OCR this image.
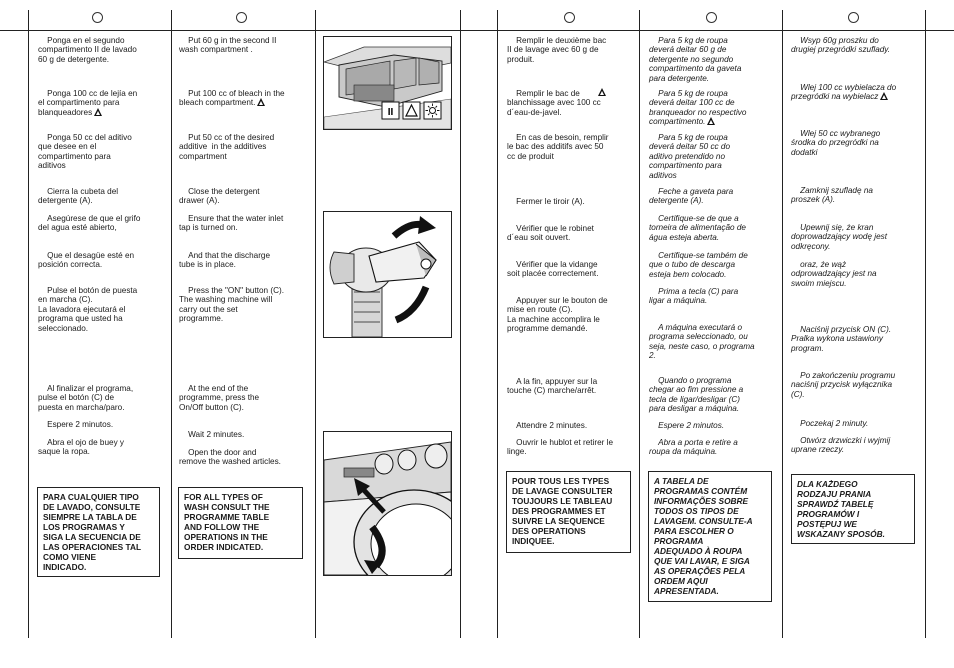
Ponga en el segundo
compartimento II de lavado
60 g de detergente.

Ponga 100 cc de lejía en
el compartimento para
blanqueadores

Ponga 50 cc del aditivo
que desee en el
compartimento para
aditivos

Cierra la cubeta del
detergente (A).

Asegúrese de que el grifo
del agua esté abierto,

Que el desagüe esté en
posición correcta.

Pulse el botón de puesta
en marcha (C).
La lavadora ejecutará el
programa que usted ha
seleccionado.

Al finalizar el programa,
pulse el botón (C) de
puesta en marcha/paro.

Espere 2 minutos.

Abra el ojo de buey y
saque la ropa.

PARA CUALQUIER TIPO
DE LAVADO, CONSULTE
SIEMPRE LA TABLA DE
LOS PROGRAMAS Y
SIGA LA SECUENCIA DE
LAS OPERACIONES TAL
COMO VIENE
INDICADO.

Put 60 g in the second II
wash compartment .

Put 100 cc of bleach in the
bleach compartment.

Put 50 cc of the desired
additive  in the additives
compartment

Close the detergent
drawer (A).

Ensure that the water inlet
tap is turned on.

And that the discharge
tube is in place.

Press the "ON" button (C).
The washing machine will
carry out the set
programme.

At the end of the
programme, press the
On/Off button (C).

Wait 2 minutes.

Open the door and
remove the washed articles.

FOR ALL TYPES OF
WASH CONSULT THE
PROGRAMME TABLE
AND FOLLOW THE
OPERATIONS IN THE
ORDER INDICATED.
II

Remplir le deuxième bac
II de lavage avec 60 g de
produit.

Remplir le bac de
blanchissage avec 100 cc
d´eau-de-javel.

En cas de besoin, remplir
le bac des additifs avec 50
cc de produit

Fermer le tiroir (A).

Vérifier que le robinet
d´eau soit ouvert.

Vérifier que la vidange
soit placée correctement.

Appuyer sur le bouton de
mise en route (C).
La machine accomplira le
programme demandé.

A la fin, appuyer sur la
touche (C) marche/arrêt.

Attendre 2 minutes.

Ouvrir le hublot et retirer le
linge.

POUR TOUS LES TYPES
DE LAVAGE CONSULTER
TOUJOURS LE TABLEAU
DES PROGRAMMES ET
SUIVRE LA SEQUENCE
DES OPERATIONS
INDIQUEE.

Para 5 kg de roupa
deverá deitar 60 g de
detergente no segundo
compartimento da gaveta
para detergente.

Para 5 kg de roupa
deverá deitar 100 cc de
branqueador no respectivo
compartimento.

Para 5 kg de roupa
deverá deitar 50 cc do
aditivo pretendido no
compartimento para
aditivos

Feche a gaveta para
detergente (A).

Certifique-se de que a
torneira de alimentação de
água esteja aberta.

Certifique-se também de
que o tubo de descarga
esteja bem colocado.

Prima a tecla (C) para
ligar a máquina.

A máquina executará o
programa seleccionado, ou
seja, neste caso, o programa
2.

Quando o programa
chegar ao fim pressione a
tecla de ligar/desligar (C)
para desligar a máquina.

Espere 2 minutos.

Abra a porta e retire a
roupa da máquina.

A TABELA DE
PROGRAMAS CONTÉM
INFORMAÇÕES SOBRE
TODOS OS TIPOS DE
LAVAGEM. CONSULTE-A
PARA ESCOLHER O
PROGRAMA
ADEQUADO À ROUPA
QUE VAI LAVAR, E SIGA
AS OPERAÇÕES PELA
ORDEM AQUI
APRESENTADA.

Wsyp 60g proszku do
drugiej przegródki szuflady.

Wlej 100 cc wybielacza do
przegródki na wybielacz

Wlej 50 cc wybranego
środka do przegródki na
dodatki

Zamknij szufladę na
proszek (A).

Upewnij się, że kran
doprowadzający wodę jest
odkręcony.

oraz, że wąż
odprowadzający jest na
swoim miejscu.

Naciśnij przycisk ON (C).
Pralka wykona ustawiony
program.

Po zakończeniu programu
naciśnij przycisk wyłącznika
(C).

Poczekaj 2 minuty.

Otwórz drzwiczki i wyjmij
uprane rzeczy.

DLA KAŻDEGO
RODZAJU PRANIA
SPRAWDŹ TABELĘ
PROGRAMÓW I
POSTĘPUJ WE
WSKAZANY SPOSÓB.
